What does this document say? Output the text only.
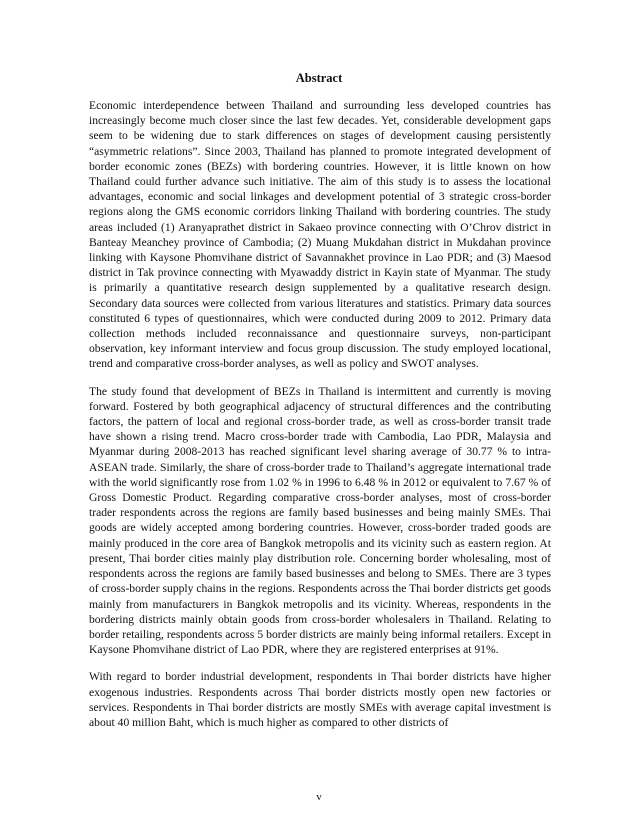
Abstract

Economic interdependence between Thailand and surrounding less developed countries has increasingly become much closer since the last few decades. Yet, considerable development gaps seem to be widening due to stark differences on stages of development causing persistently “asymmetric relations”. Since 2003, Thailand has planned to promote integrated development of border economic zones (BEZs) with bordering countries. However, it is little known on how Thailand could further advance such initiative. The aim of this study is to assess the locational advantages, economic and social linkages and development potential of 3 strategic cross-border regions along the GMS economic corridors linking Thailand with bordering countries. The study areas included (1) Aranyaprathet district in Sakaeo province connecting with O’Chrov district in Banteay Meanchey province of Cambodia; (2) Muang Mukdahan district in Mukdahan province linking with Kaysone Phomvihane district of Savannakhet province in Lao PDR; and (3) Maesod district in Tak province connecting with Myawaddy district in Kayin state of Myanmar. The study is primarily a quantitative research design supplemented by a qualitative research design. Secondary data sources were collected from various literatures and statistics. Primary data sources constituted 6 types of questionnaires, which were conducted during 2009 to 2012. Primary data collection methods included reconnaissance and questionnaire surveys, non-participant observation, key informant interview and focus group discussion. The study employed locational, trend and comparative cross-border analyses, as well as policy and SWOT analyses.

The study found that development of BEZs in Thailand is intermittent and currently is moving forward. Fostered by both geographical adjacency of structural differences and the contributing factors, the pattern of local and regional cross-border trade, as well as cross-border transit trade have shown a rising trend. Macro cross-border trade with Cambodia, Lao PDR, Malaysia and Myanmar during 2008-2013 has reached significant level sharing average of 30.77 % to intra-ASEAN trade. Similarly, the share of cross-border trade to Thailand’s aggregate international trade with the world significantly rose from 1.02 % in 1996 to 6.48 % in 2012 or equivalent to 7.67 % of Gross Domestic Product. Regarding comparative cross-border analyses, most of cross-border trader respondents across the regions are family based businesses and being mainly SMEs. Thai goods are widely accepted among bordering countries. However, cross-border traded goods are mainly produced in the core area of Bangkok metropolis and its vicinity such as eastern region. At present, Thai border cities mainly play distribution role. Concerning border wholesaling, most of respondents across the regions are family based businesses and belong to SMEs. There are 3 types of cross-border supply chains in the regions. Respondents across the Thai border districts get goods mainly from manufacturers in Bangkok metropolis and its vicinity. Whereas, respondents in the bordering districts mainly obtain goods from cross-border wholesalers in Thailand. Relating to border retailing, respondents across 5 border districts are mainly being informal retailers. Except in Kaysone Phomvihane district of Lao PDR, where they are registered enterprises at 91%.

With regard to border industrial development, respondents in Thai border districts have higher exogenous industries. Respondents across Thai border districts mostly open new factories or services. Respondents in Thai border districts are mostly SMEs with average capital investment is about 40 million Baht, which is much higher as compared to other districts of

v
